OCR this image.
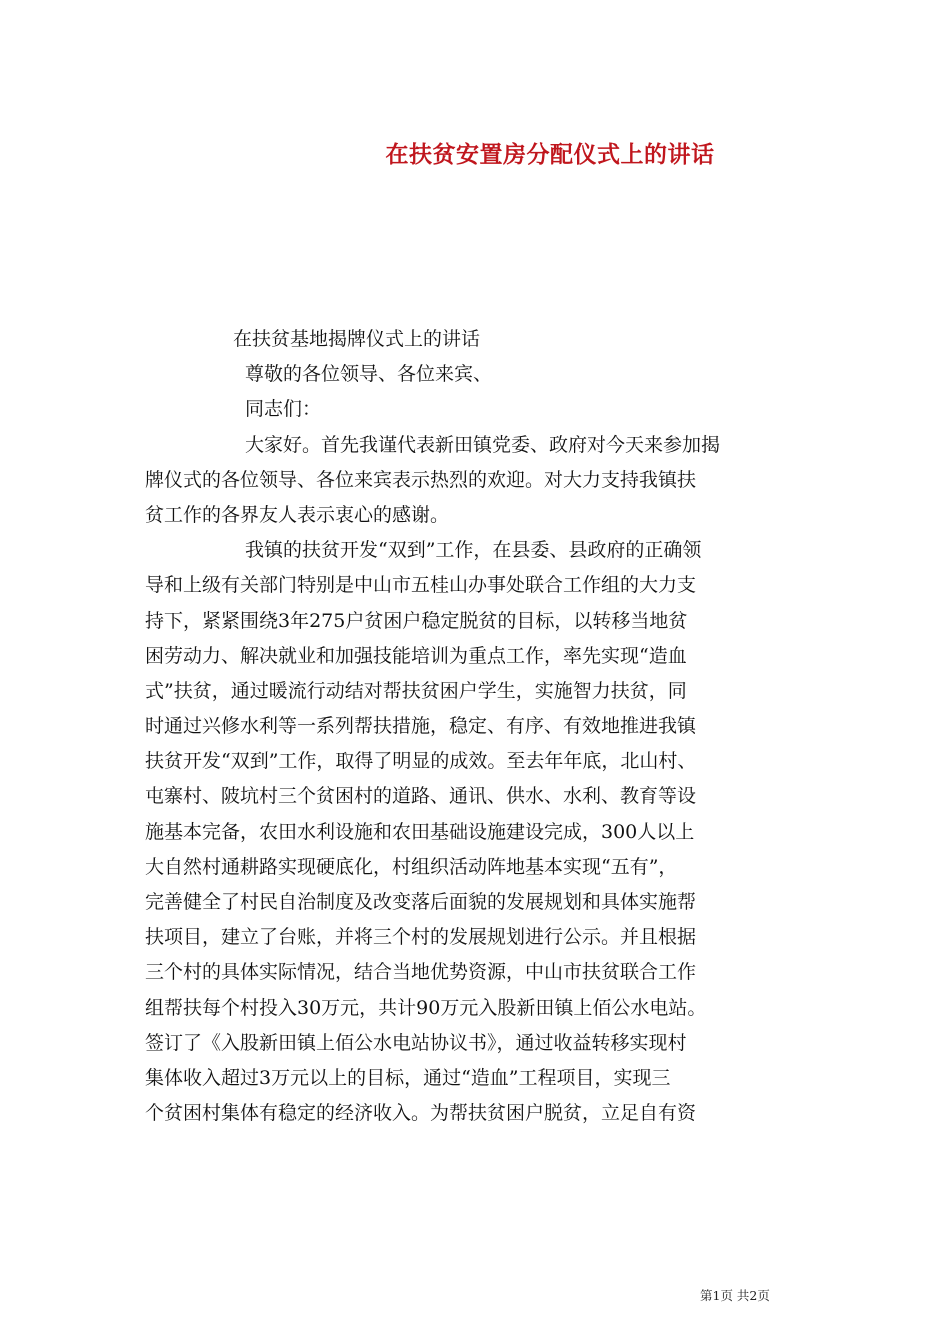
在扶贫安置房分配仪式上的讲话
在扶贫基地揭牌仪式上的讲话
尊敬的各位领导、各位来宾、
同志们：
大家好。首先我谨代表新田镇党委、政府对今天来参加揭
牌仪式的各位领导、各位来宾表示热烈的欢迎。对大力支持我镇扶
贫工作的各界友人表示衷心的感谢。
我镇的扶贫开发“双到”工作，在县委、县政府的正确领
导和上级有关部门特别是中山市五桂山办事处联合工作组的大力支
持下，紧紧围绕3年275户贫困户稳定脱贫的目标，以转移当地贫
困劳动力、解决就业和加强技能培训为重点工作，率先实现“造血
式”扶贫，通过暖流行动结对帮扶贫困户学生，实施智力扶贫，同
时通过兴修水利等一系列帮扶措施，稳定、有序、有效地推进我镇
扶贫开发“双到”工作，取得了明显的成效。至去年年底，北山村、
屯寨村、陂坑村三个贫困村的道路、通讯、供水、水利、教育等设
施基本完备，农田水利设施和农田基础设施建设完成，300人以上
大自然村通耕路实现硬底化，村组织活动阵地基本实现“五有”，
完善健全了村民自治制度及改变落后面貌的发展规划和具体实施帮
扶项目，建立了台账，并将三个村的发展规划进行公示。并且根据
三个村的具体实际情况，结合当地优势资源，中山市扶贫联合工作
组帮扶每个村投入30万元，共计90万元入股新田镇上佰公水电站。
签订了《入股新田镇上佰公水电站协议书》，通过收益转移实现村
集体收入超过3万元以上的目标，通过“造血”工程项目，实现三
个贫困村集体有稳定的经济收入。为帮扶贫困户脱贫，立足自有资
第1页 共2页
